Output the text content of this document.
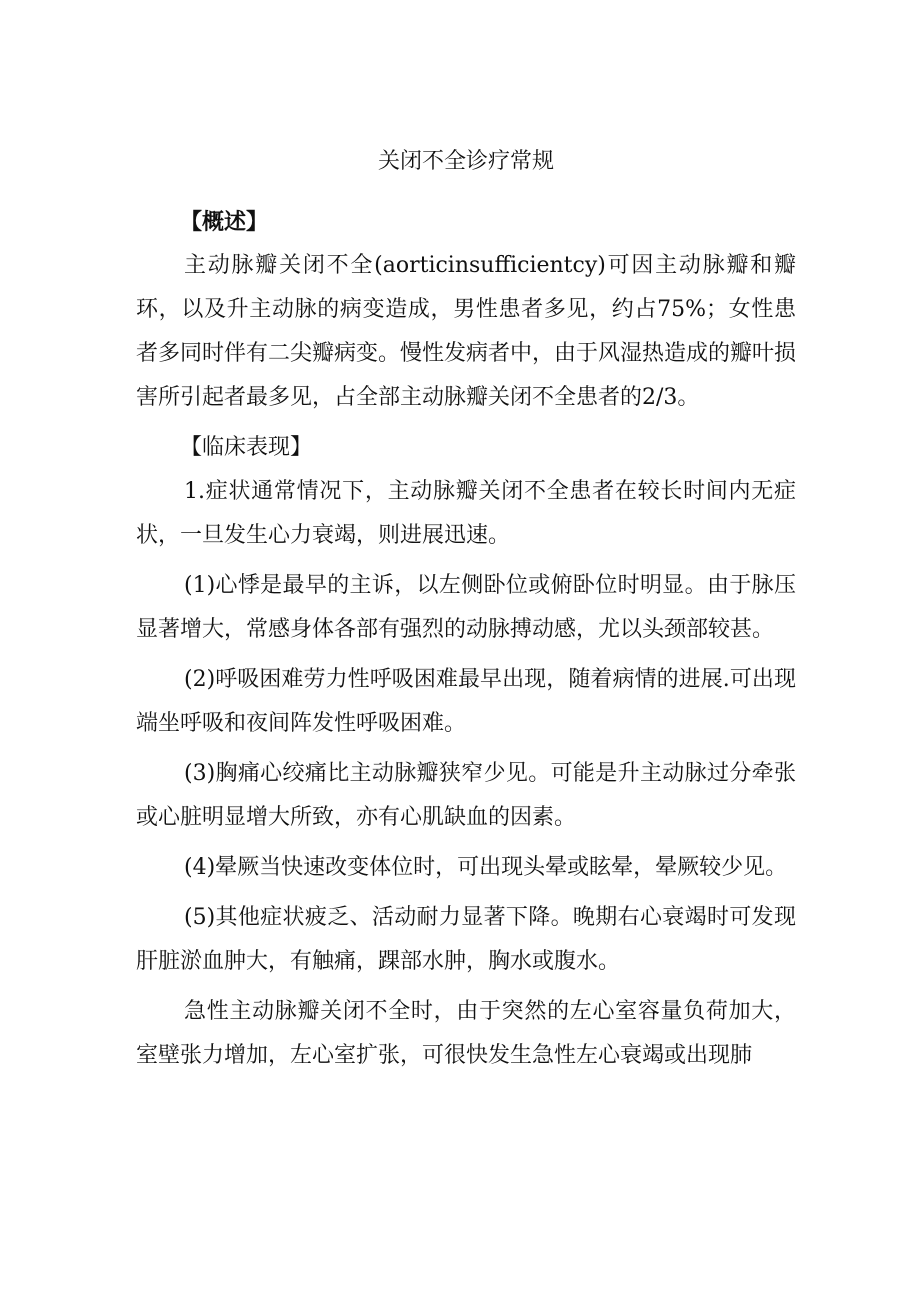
关闭不全诊疗常规
【概述】

主动脉瓣关闭不全(aorticinsufficientcy)可因主动脉瓣和瓣环，以及升主动脉的病变造成，男性患者多见，约占75%；女性患者多同时伴有二尖瓣病变。慢性发病者中，由于风湿热造成的瓣叶损害所引起者最多见，占全部主动脉瓣关闭不全患者的2/3。

【临床表现】

1.症状通常情况下，主动脉瓣关闭不全患者在较长时间内无症状，一旦发生心力衰竭，则进展迅速。

(1)心悸是最早的主诉，以左侧卧位或俯卧位时明显。由于脉压显著增大，常感身体各部有强烈的动脉搏动感，尤以头颈部较甚。

(2)呼吸困难劳力性呼吸困难最早出现，随着病情的进展.可出现端坐呼吸和夜间阵发性呼吸困难。

(3)胸痛心绞痛比主动脉瓣狭窄少见。可能是升主动脉过分牵张或心脏明显增大所致，亦有心肌缺血的因素。

(4)晕厥当快速改变体位时，可出现头晕或眩晕，晕厥较少见。

(5)其他症状疲乏、活动耐力显著下降。晚期右心衰竭时可发现肝脏淤血肿大，有触痛，踝部水肿，胸水或腹水。

急性主动脉瓣关闭不全时，由于突然的左心室容量负荷加大，室壁张力增加，左心室扩张，可很快发生急性左心衰竭或出现肺
